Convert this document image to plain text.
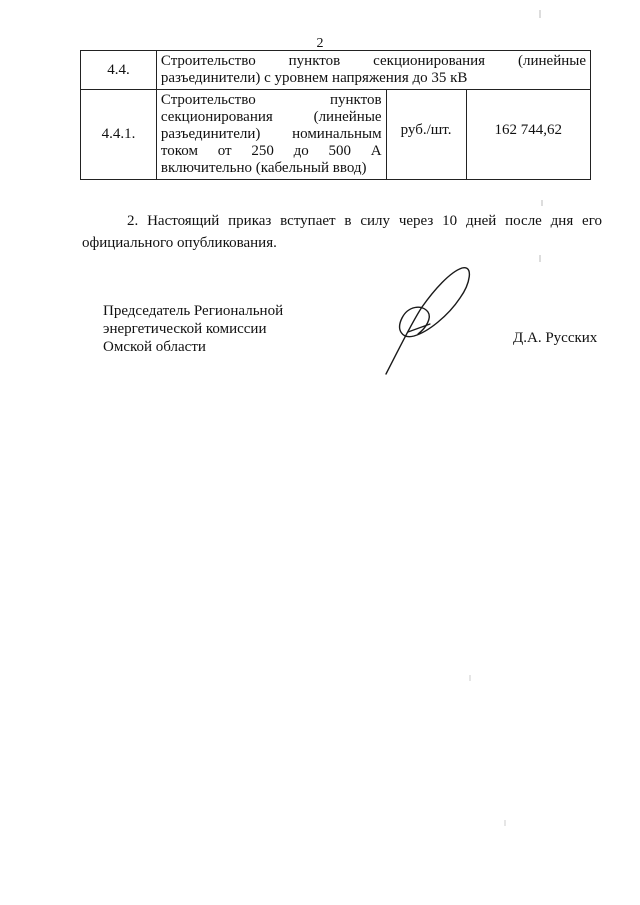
2
4.4.	Строительство пунктов секционирования (линейные
разъединители) с уровнем напряжения до 35 кВ		

4.4.1.	Строительство пунктов
секционирования (линейные
разъединители) номинальным
током от 250 до 500 А
включительно (кабельный ввод)	руб./шт.	162 744,62
2. Настоящий приказ вступает в силу через 10 дней после дня его официального опубликования.
Председатель Региональной
энергетической комиссии
Омской области
Д.А. Русских
